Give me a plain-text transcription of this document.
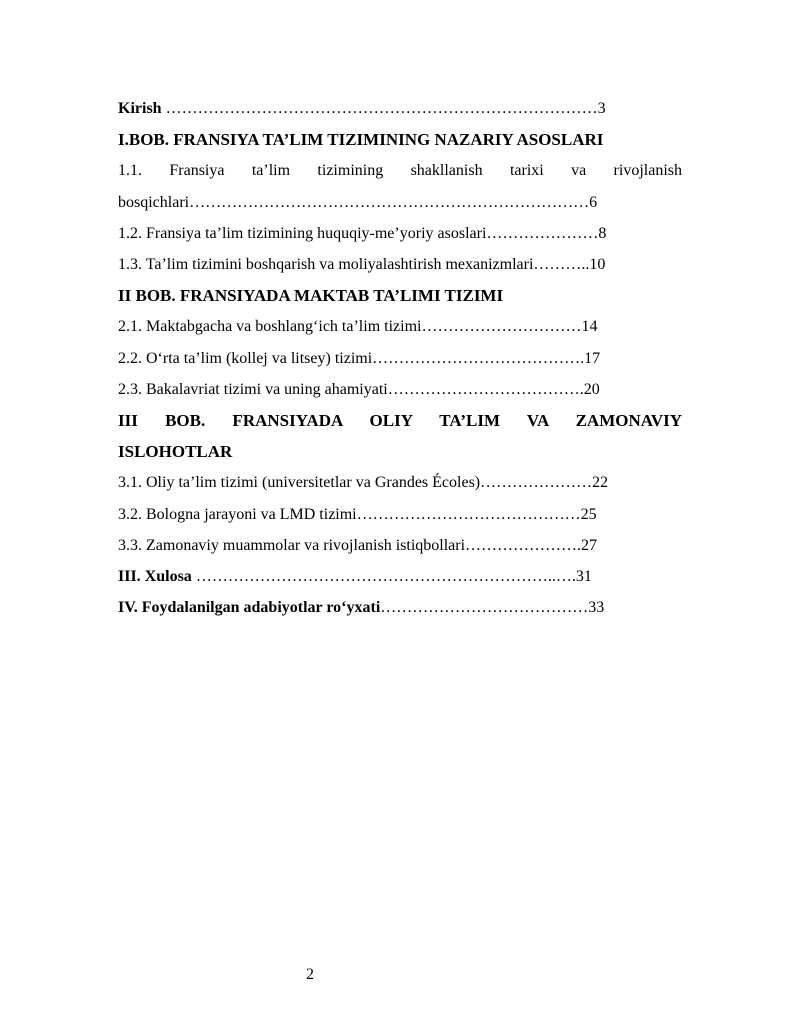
Kirish ………………………………………………………………………3
I.BOB. FRANSIYA TA’LIM TIZIMINING NAZARIY ASOSLARI
1.1. Fransiya ta’lim tizimining shakllanish tarixi va rivojlanish
bosqichlari…………………………………………………………………6
1.2. Fransiya ta’lim tizimining huquqiy-me’yoriy asoslari…………………8
1.3. Ta’lim tizimini boshqarish va moliyalashtirish mexanizmlari………..10
II BOB. FRANSIYADA MAKTAB TA’LIMI TIZIMI
2.1. Maktabgacha va boshlang‘ich ta’lim tizimi…………………………14
2.2. O‘rta ta’lim (kollej va litsey) tizimi………………………………….17
2.3. Bakalavriat tizimi va uning ahamiyati……………………………….20
III BOB. FRANSIYADA OLIY TA’LIM VA ZAMONAVIY
ISLOHOTLAR
3.1. Oliy ta’lim tizimi (universitetlar va Grandes Écoles)…………………22
3.2. Bologna jarayoni va LMD tizimi……………………………………25
3.3. Zamonaviy muammolar va rivojlanish istiqbollari………………….27
III. Xulosa …………………………………………………………..….31
IV. Foydalanilgan adabiyotlar ro‘yxati…………………………………33
2
